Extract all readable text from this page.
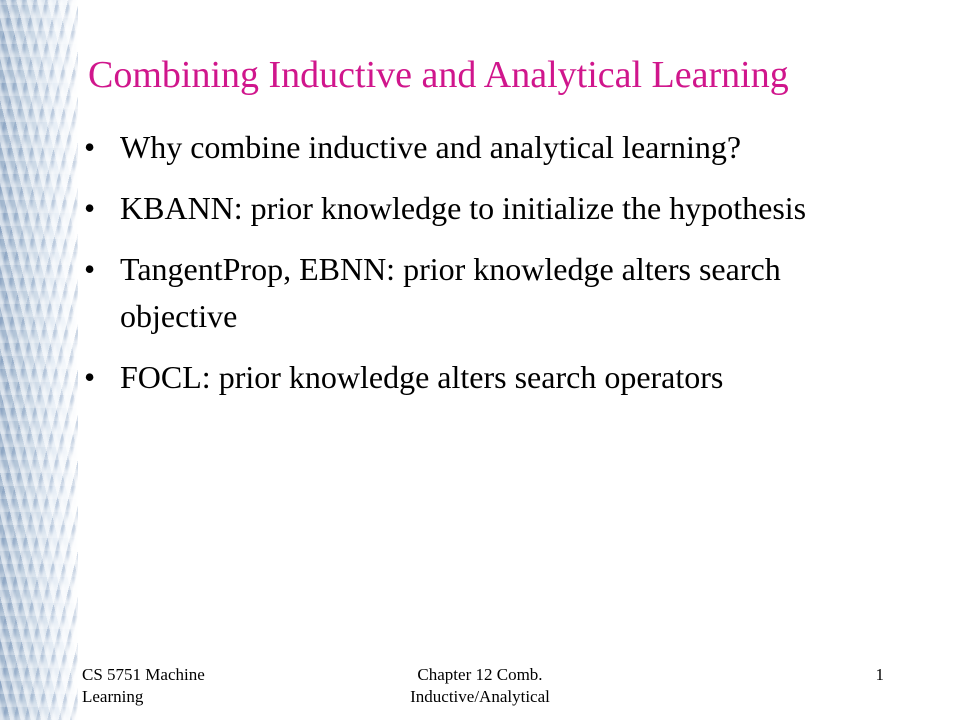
Combining Inductive and Analytical Learning
• Why combine inductive and analytical learning?
• KBANN: prior knowledge to initialize the hypothesis
• TangentProp, EBNN: prior knowledge alters search objective
• FOCL: prior knowledge alters search operators
CS 5751 Machine Learning
Chapter 12 Comb. Inductive/Analytical
1
